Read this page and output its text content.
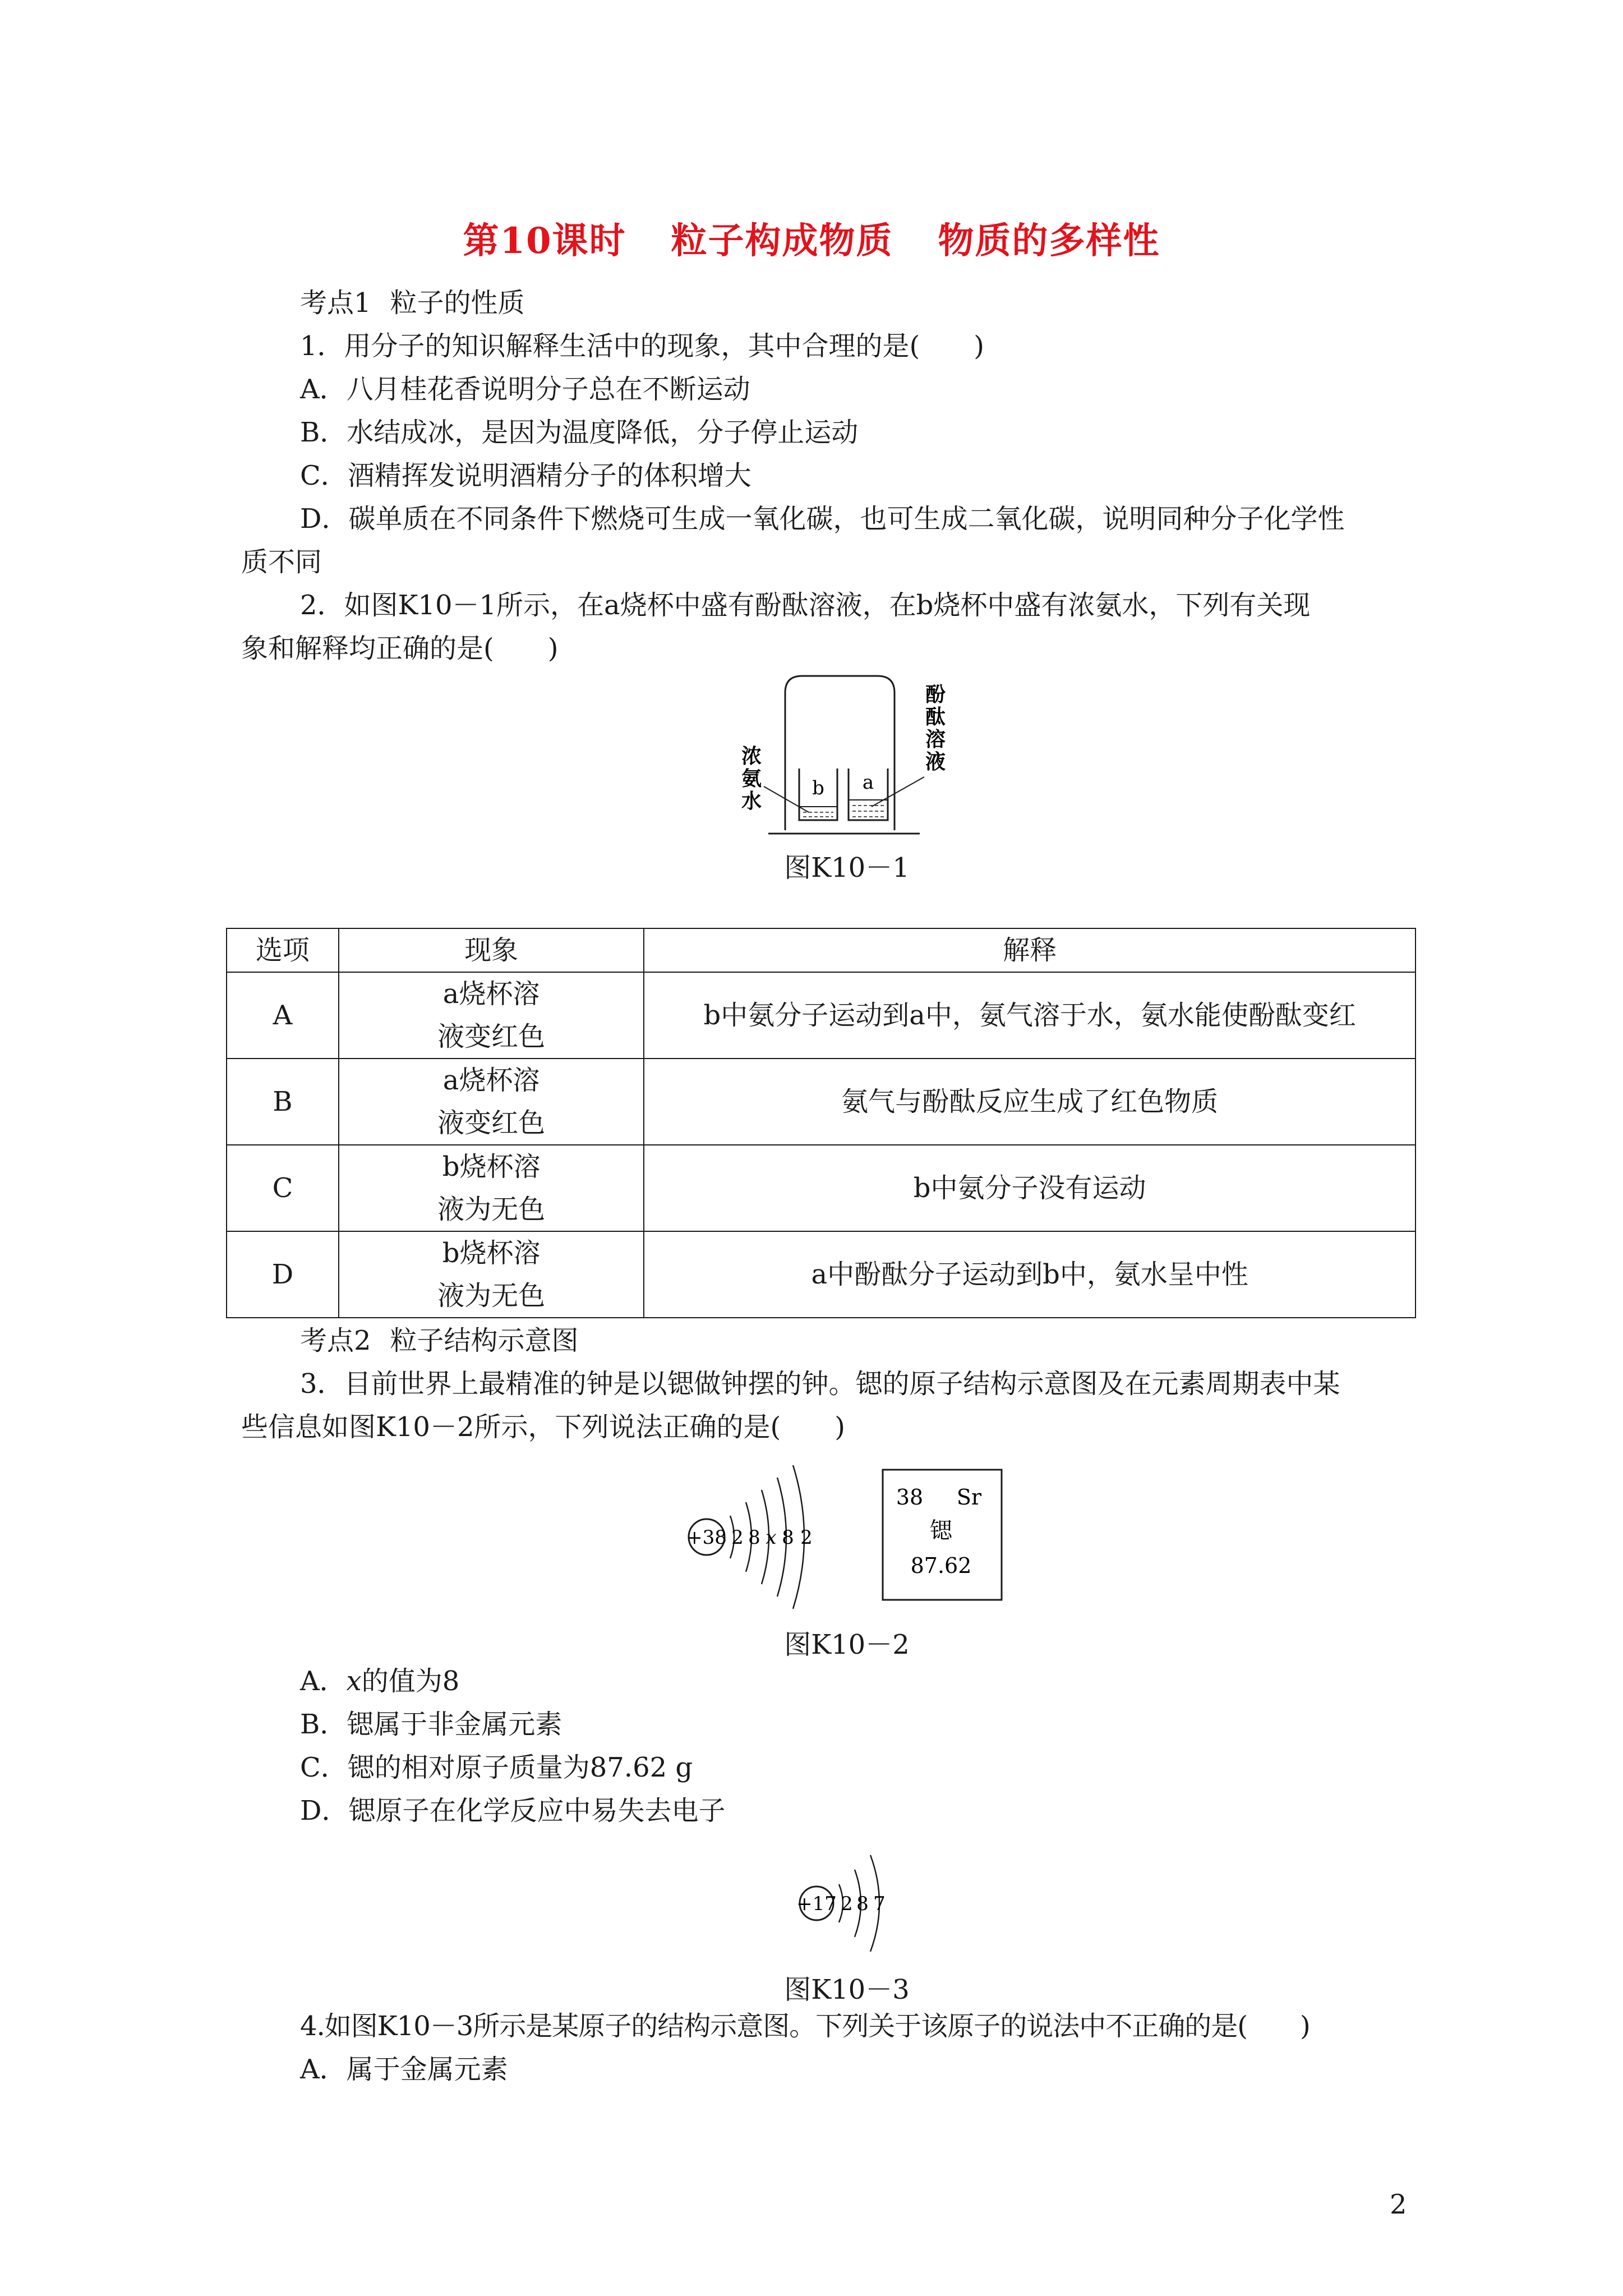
第10课时 粒子构成物质 物质的多样性
考点1 粒子的性质
1．用分子的知识解释生活中的现象，其中合理的是(　　)
A．八月桂花香说明分子总在不断运动
B．水结成冰，是因为温度降低，分子停止运动
C．酒精挥发说明酒精分子的体积增大
D．碳单质在不同条件下燃烧可生成一氧化碳，也可生成二氧化碳，说明同种分子化学性
质不同
2．如图K10－1所示，在a烧杯中盛有酚酞溶液，在b烧杯中盛有浓氨水，下列有关现
象和解释均正确的是(　　)
b a
浓
氨
水
酚
酞
溶
液
图K10－1
选项	现象	解释
A	a烧杯溶
液变红色	b中氨分子运动到a中，氨气溶于水，氨水能使酚酞变红
B	a烧杯溶
液变红色	氨气与酚酞反应生成了红色物质
C	b烧杯溶
液为无色	b中氨分子没有运动
D	b烧杯溶
液为无色	a中酚酞分子运动到b中，氨水呈中性
考点2 粒子结构示意图
3．目前世界上最精准的钟是以锶做钟摆的钟。锶的原子结构示意图及在元素周期表中某
些信息如图K10－2所示，下列说法正确的是(　　)
+38 2 8 x 8 2
38 Sr
锶
87.62
图K10－2
A．x的值为8
B．锶属于非金属元素
C．锶的相对原子质量为87.62 g
D．锶原子在化学反应中易失去电子
+17 2 8 7
图K10－3
4.如图K10－3所示是某原子的结构示意图。下列关于该原子的说法中不正确的是(　　)
A．属于金属元素
2
